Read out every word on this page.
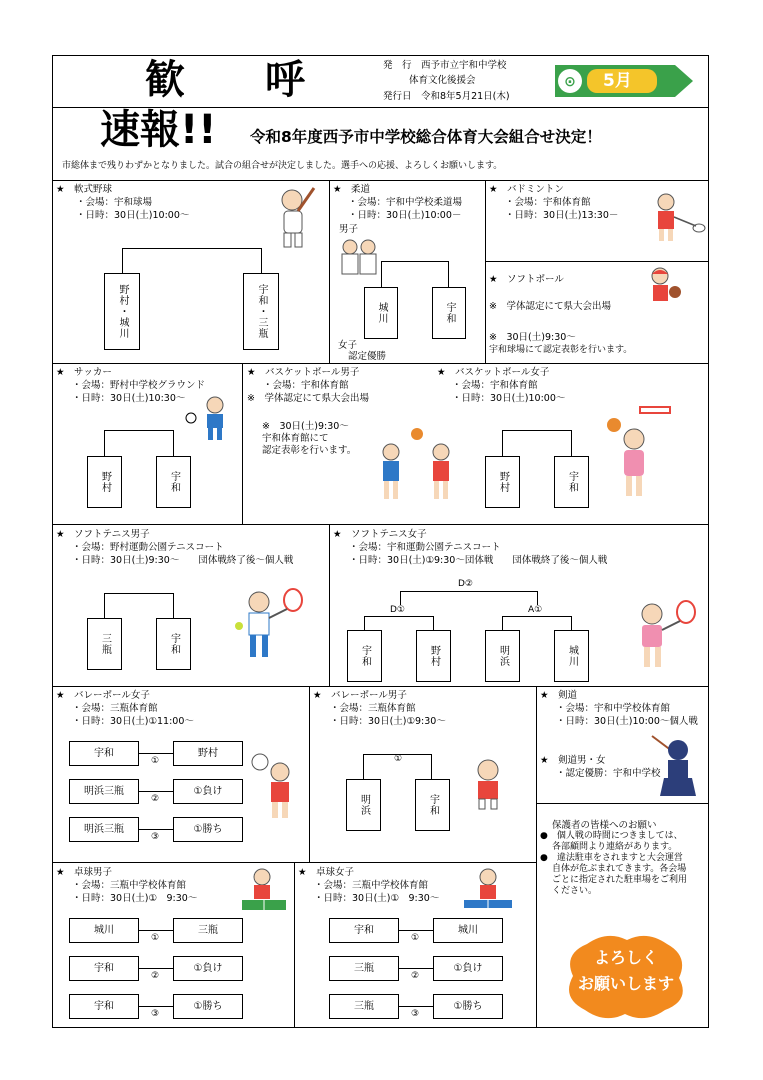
歓　　呼
速報!!
発　行　西予市立宇和中学校
体育文化後援会
発行日　令和8年5月21日(木)
⊙ 5月
令和8年度西予市中学校総合体育大会組合せ決定！
市総体まで残りわずかとなりました。試合の組合せが決定しました。選手への応援、よろしくお願いします。
★　軟式野球
・会場：宇和球場
・日時：30日(土)10:00～
野村・城川	宇和・三瓶
★　柔道
・会場：宇和中学校柔道場
・日時：30日(土)10:00－
男子
城川	宇和
女子
認定優勝
★　バドミントン
・会場：宇和体育館
・日時：30日(土)13:30－
★　ソフトボール
※　学体認定にて県大会出場
※　30日(土)9:30～
宇和球場にて認定表彰を行います。
★　サッカー
・会場：野村中学校グラウンド
・日時：30日(土)10:30～
野村	宇和
★　バスケットボール男子
・会場：宇和体育館
※　学体認定にて県大会出場
※　30日(土)9:30～
宇和体育館にて
認定表彰を行います。
★　バスケットボール女子
・会場：宇和体育館
・日時：30日(土)10:00～
野村	宇和
★　ソフトテニス男子
・会場：野村運動公園テニスコート
・日時：30日(土)9:30～　　団体戦終了後～個人戦
三瓶	宇和
★　ソフトテニス女子
・会場：宇和運動公園テニスコート
・日時：30日(土)①9:30～団体戦　　団体戦終了後～個人戦
D②
D①	A①
宇和	野村	明浜	城川
★　バレーボール女子
・会場：三瓶体育館
・日時：30日(土)①11:00～
宇和	野村
明浜三瓶	①負け
明浜三瓶	①勝ち
①
②
③
★　バレーボール男子
・会場：三瓶体育館
・日時：30日(土)①9:30～
①
明浜	宇和
★　剣道
・会場：宇和中学校体育館
・日時：30日(土)10:00～個人戦
★　剣道男・女
・認定優勝：宇和中学校
保護者の皆様へのお願い
●　個人戦の時間につきましては、
各部顧問より連絡があります。
●　違法駐車をされますと大会運営
自体が危ぶまれてきます。各会場
ごとに指定された駐車場をご利用
ください。
よろしく
お願いします
★　卓球男子
・会場：三瓶中学校体育館
・日時：30日(土)①　9:30～
城川	三瓶
宇和	①負け
宇和	①勝ち
①
②
③
★　卓球女子
・会場：三瓶中学校体育館
・日時：30日(土)①　9:30～
宇和	城川
三瓶	①負け
三瓶	①勝ち
①
②
③
